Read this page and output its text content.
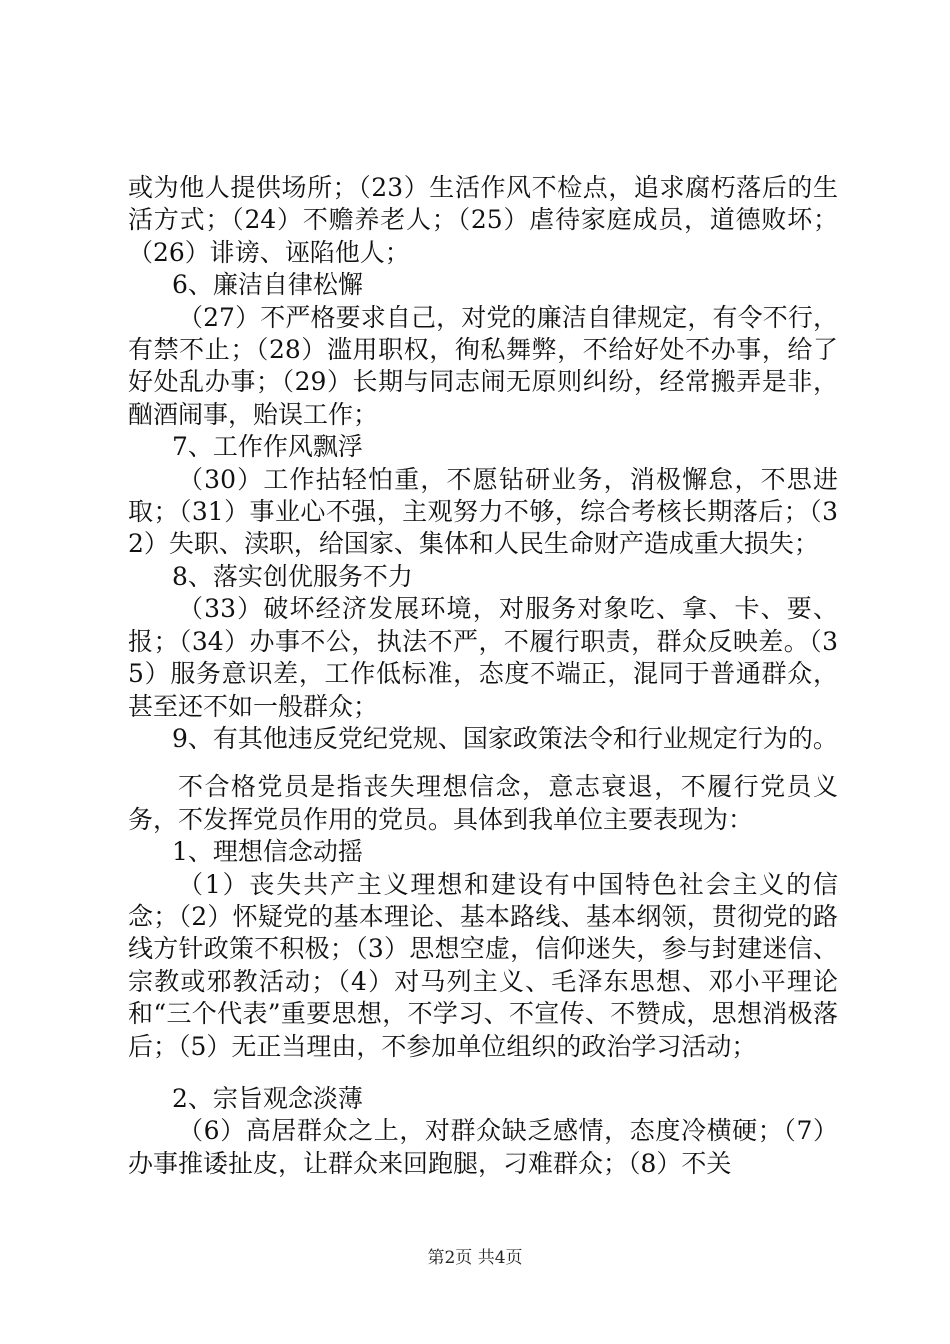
或为他人提供场所；（23）生活作风不检点，追求腐朽落后的生活方式；（24）不赡养老人；（25）虐待家庭成员，道德败坏；（26）诽谤、诬陷他人；

6、廉洁自律松懈

（27）不严格要求自己，对党的廉洁自律规定，有令不行，有禁不止；（28）滥用职权，徇私舞弊，不给好处不办事，给了好处乱办事；（29）长期与同志闹无原则纠纷，经常搬弄是非，酗酒闹事，贻误工作；

7、工作作风飘浮

（30）工作拈轻怕重，不愿钻研业务，消极懈怠，不思进取；（31）事业心不强，主观努力不够，综合考核长期落后；（32）失职、渎职，给国家、集体和人民生命财产造成重大损失；

8、落实创优服务不力

（33）破坏经济发展环境，对服务对象吃、拿、卡、要、报；（34）办事不公，执法不严，不履行职责，群众反映差。（35）服务意识差，工作低标准，态度不端正，混同于普通群众，甚至还不如一般群众；

9、有其他违反党纪党规、国家政策法令和行业规定行为的。

不合格党员是指丧失理想信念，意志衰退，不履行党员义务，不发挥党员作用的党员。具体到我单位主要表现为：

1、理想信念动摇

（1）丧失共产主义理想和建设有中国特色社会主义的信念；（2）怀疑党的基本理论、基本路线、基本纲领，贯彻党的路线方针政策不积极；（3）思想空虚，信仰迷失，参与封建迷信、宗教或邪教活动；（4）对马列主义、毛泽东思想、邓小平理论和“三个代表”重要思想，不学习、不宣传、不赞成，思想消极落后；（5）无正当理由，不参加单位组织的政治学习活动；

2、宗旨观念淡薄

（6）高居群众之上，对群众缺乏感情，态度冷横硬；（7）办事推诿扯皮，让群众来回跑腿，刁难群众；（8）不关

第2页 共4页
